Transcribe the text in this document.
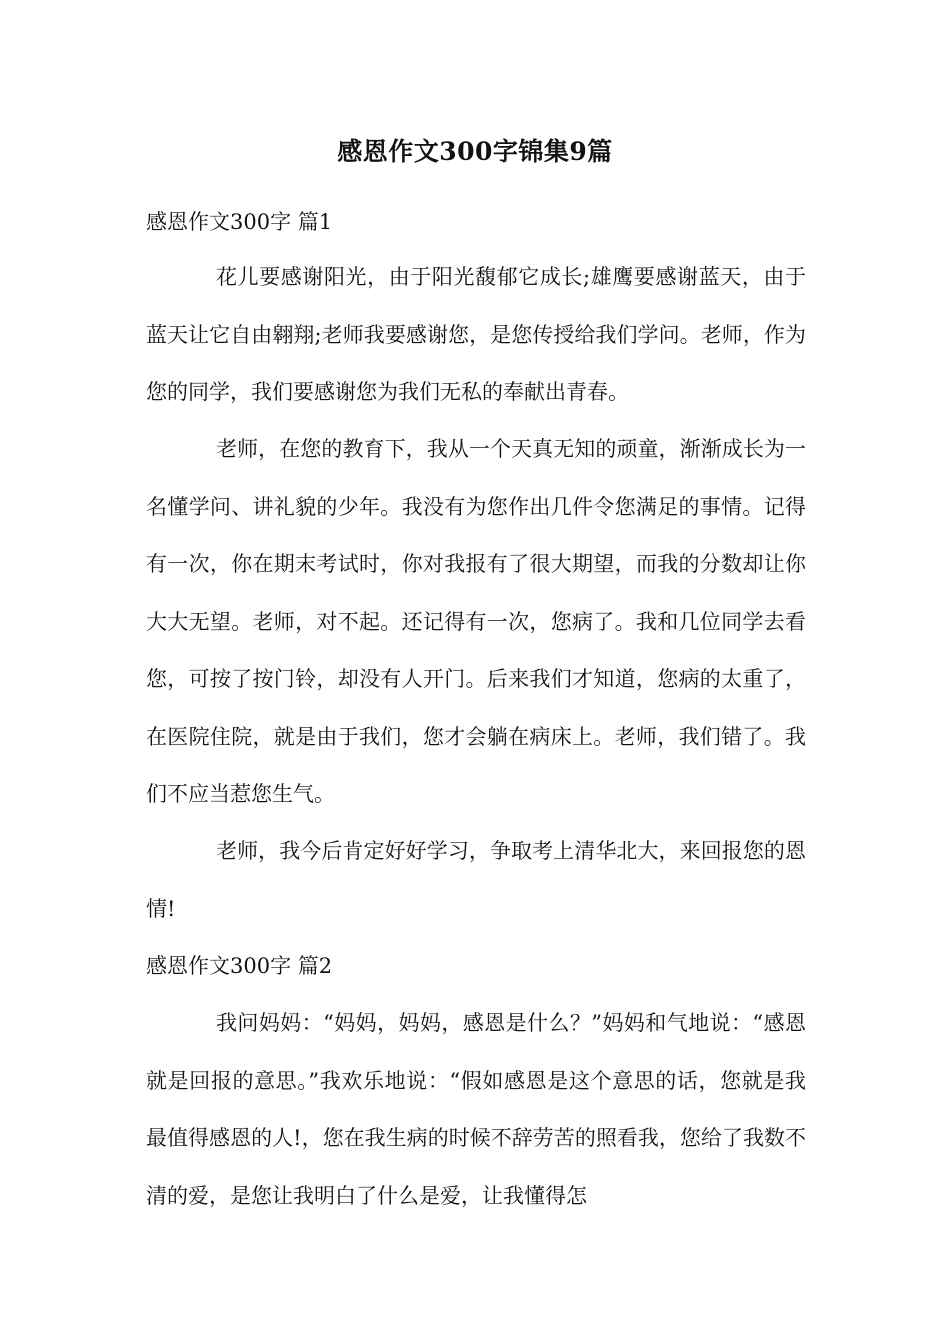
感恩作文300字锦集9篇
感恩作文300字 篇1

花儿要感谢阳光，由于阳光馥郁它成长;雄鹰要感谢蓝天，由于蓝天让它自由翱翔;老师我要感谢您，是您传授给我们学问。老师，作为您的同学，我们要感谢您为我们无私的奉献出青春。

老师，在您的教育下，我从一个天真无知的顽童，渐渐成长为一名懂学问、讲礼貌的少年。我没有为您作出几件令您满足的事情。记得有一次，你在期末考试时，你对我报有了很大期望，而我的分数却让你大大无望。老师，对不起。还记得有一次，您病了。我和几位同学去看您，可按了按门铃，却没有人开门。后来我们才知道，您病的太重了，在医院住院，就是由于我们，您才会躺在病床上。老师，我们错了。我们不应当惹您生气。

老师，我今后肯定好好学习，争取考上清华北大，来回报您的恩情!

感恩作文300字 篇2

我问妈妈：“妈妈，妈妈，感恩是什么？”妈妈和气地说：“感恩就是回报的意思。”我欢乐地说：“假如感恩是这个意思的话，您就是我最值得感恩的人!，您在我生病的时候不辞劳苦的照看我，您给了我数不清的爱，是您让我明白了什么是爱，让我懂得怎
